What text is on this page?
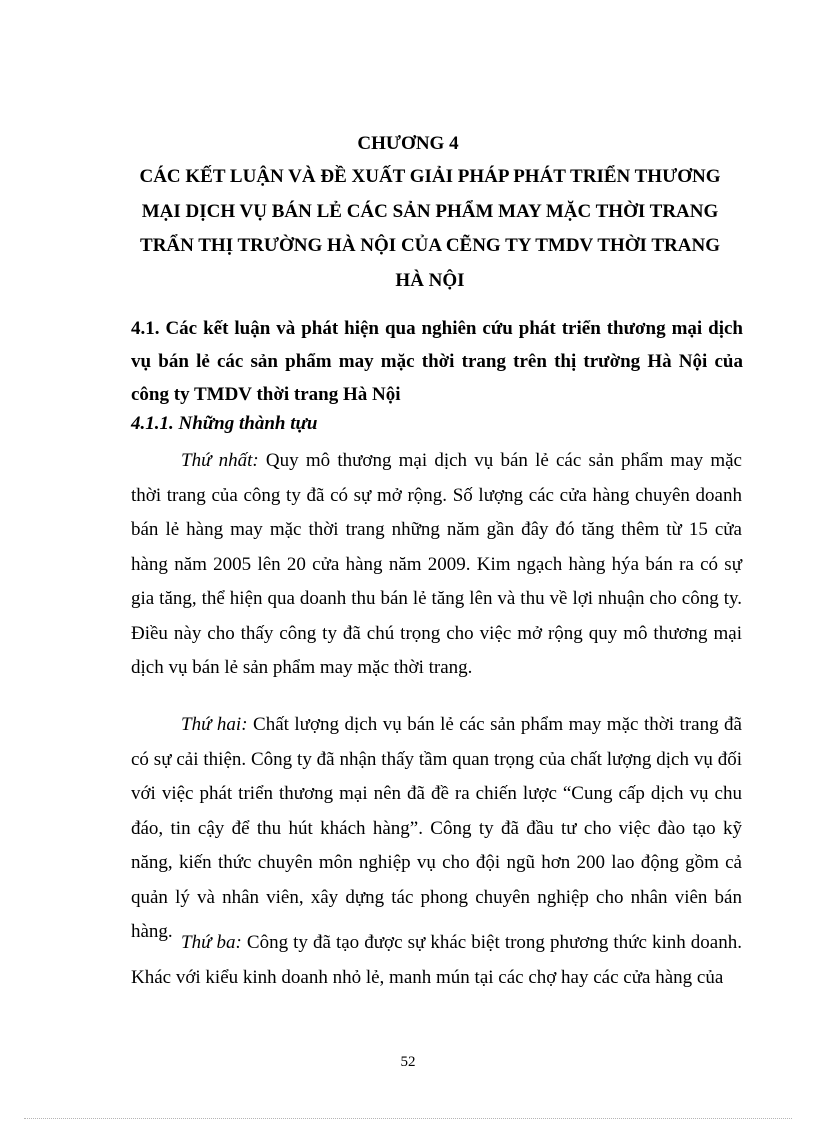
CHƯƠNG 4
CÁC KẾT LUẬN VÀ ĐỀ XUẤT GIẢI PHÁP PHÁT TRIỂN THƯƠNG MẠI DỊCH VỤ BÁN LẺ CÁC SẢN PHẨM MAY MẶC THỜI TRANG TRẨN THỊ TRƯỜNG HÀ NỘI CỦA CẼNG TY TMDV THỜI TRANG HÀ NỘI
4.1. Các kết luận và phát hiện qua nghiên cứu phát triển thương mại dịch vụ bán lẻ các sản phẩm may mặc thời trang trên thị trường Hà Nội của công ty TMDV thời trang Hà Nội
4.1.1. Những thành tựu

Thứ nhất: Quy mô thương mại dịch vụ bán lẻ các sản phẩm may mặc thời trang của công ty đã có sự mở rộng. Số lượng các cửa hàng chuyên doanh bán lẻ hàng may mặc thời trang những năm gần đây đó tăng thêm từ 15 cửa hàng năm 2005 lên 20 cửa hàng năm 2009. Kim ngạch hàng hýa bán ra có sự gia tăng, thể hiện qua doanh thu bán lẻ tăng lên và thu về lợi nhuận cho công ty. Điều này cho thấy công ty đã chú trọng cho việc mở rộng quy mô thương mại dịch vụ bán lẻ sản phẩm may mặc thời trang.

Thứ hai: Chất lượng dịch vụ bán lẻ các sản phẩm may mặc thời trang đã có sự cải thiện. Công ty đã nhận thấy tầm quan trọng của chất lượng dịch vụ đối với việc phát triển thương mại nên đã đề ra chiến lược “Cung cấp dịch vụ chu đáo, tin cậy để thu hút khách hàng”. Công ty đã đầu tư cho việc đào tạo kỹ năng, kiến thức chuyên môn nghiệp vụ cho đội ngũ hơn 200 lao động gồm cả quản lý và nhân viên, xây dựng tác phong chuyên nghiệp cho nhân viên bán hàng.

Thứ ba: Công ty đã tạo được sự khác biệt trong phương thức kinh doanh. Khác với kiểu kinh doanh nhỏ lẻ, manh mún tại các chợ hay các cửa hàng của

52
